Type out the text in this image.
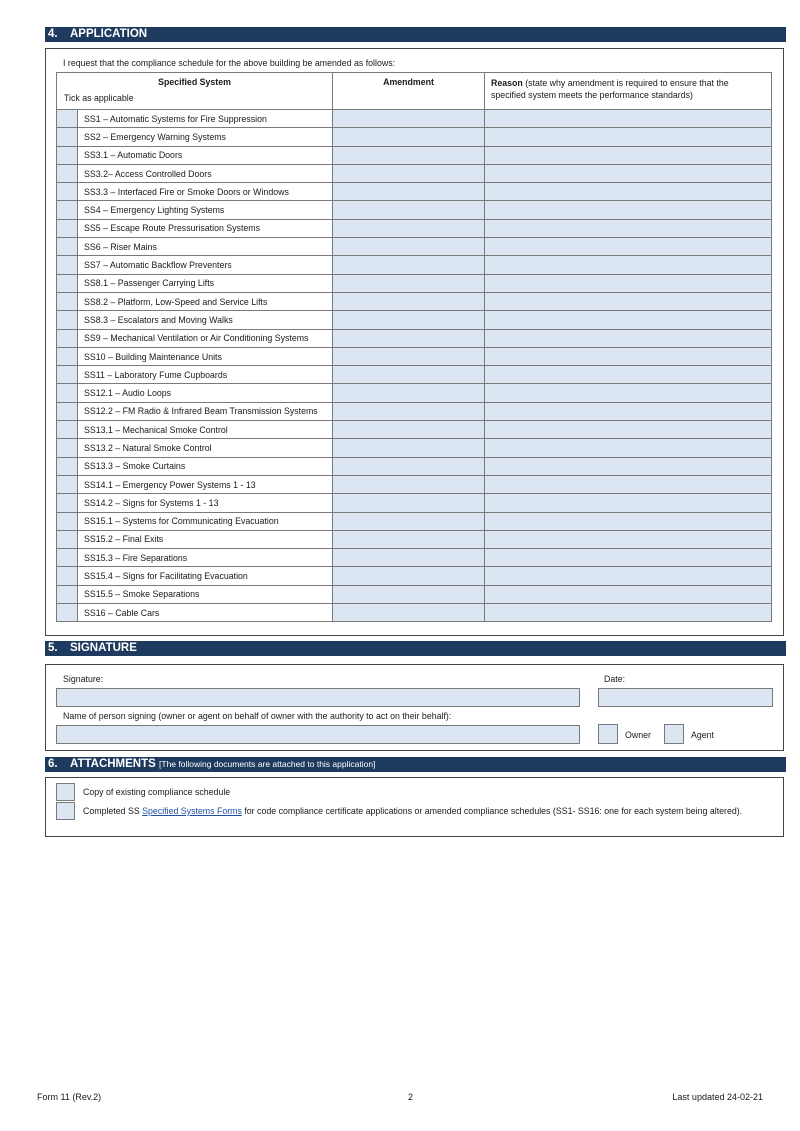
4. APPLICATION
I request that the compliance schedule for the above building be amended as follows:
Specified System
Tick as applicable		Amendment	Reason (state why amendment is required to ensure that the specified system meets the performance standards)
	SS1 – Automatic Systems for Fire Suppression		
	SS2 – Emergency Warning Systems		
	SS3.1 – Automatic Doors		
	SS3.2– Access Controlled Doors		
	SS3.3 – Interfaced Fire or Smoke Doors or Windows		
	SS4 – Emergency Lighting Systems		
	SS5 – Escape Route Pressurisation Systems		
	SS6 – Riser Mains		
	SS7 – Automatic Backflow Preventers		
	SS8.1 – Passenger Carrying Lifts		
	SS8.2 – Platform, Low-Speed and Service Lifts		
	SS8.3 – Escalators and Moving Walks		
	SS9 – Mechanical Ventilation or Air Conditioning Systems		
	SS10 – Building Maintenance Units		
	SS11 – Laboratory Fume Cupboards		
	SS12.1 – Audio Loops		
	SS12.2 – FM Radio & Infrared Beam Transmission Systems		
	SS13.1 – Mechanical Smoke Control		
	SS13.2 – Natural Smoke Control		
	SS13.3 – Smoke Curtains		
	SS14.1 – Emergency Power Systems 1 - 13		
	SS14.2 – Signs for Systems 1 - 13		
	SS15.1 – Systems for Communicating Evacuation		
	SS15.2 – Final Exits		
	SS15.3 – Fire Separations		
	SS15.4 – Signs for Facilitating Evacuation		
	SS15.5 – Smoke Separations		
	SS16 – Cable Cars		
5. SIGNATURE
Signature:	Date:
Name of person signing (owner or agent on behalf of owner with the authority to act on their behalf):
Owner	Agent
6. ATTACHMENTS [The following documents are attached to this application]
Copy of existing compliance schedule
Completed SS Specified Systems Forms for code compliance certificate applications or amended compliance schedules (SS1- SS16: one for each system being altered).
Form 11 (Rev.2)	2	Last updated 24-02-21
